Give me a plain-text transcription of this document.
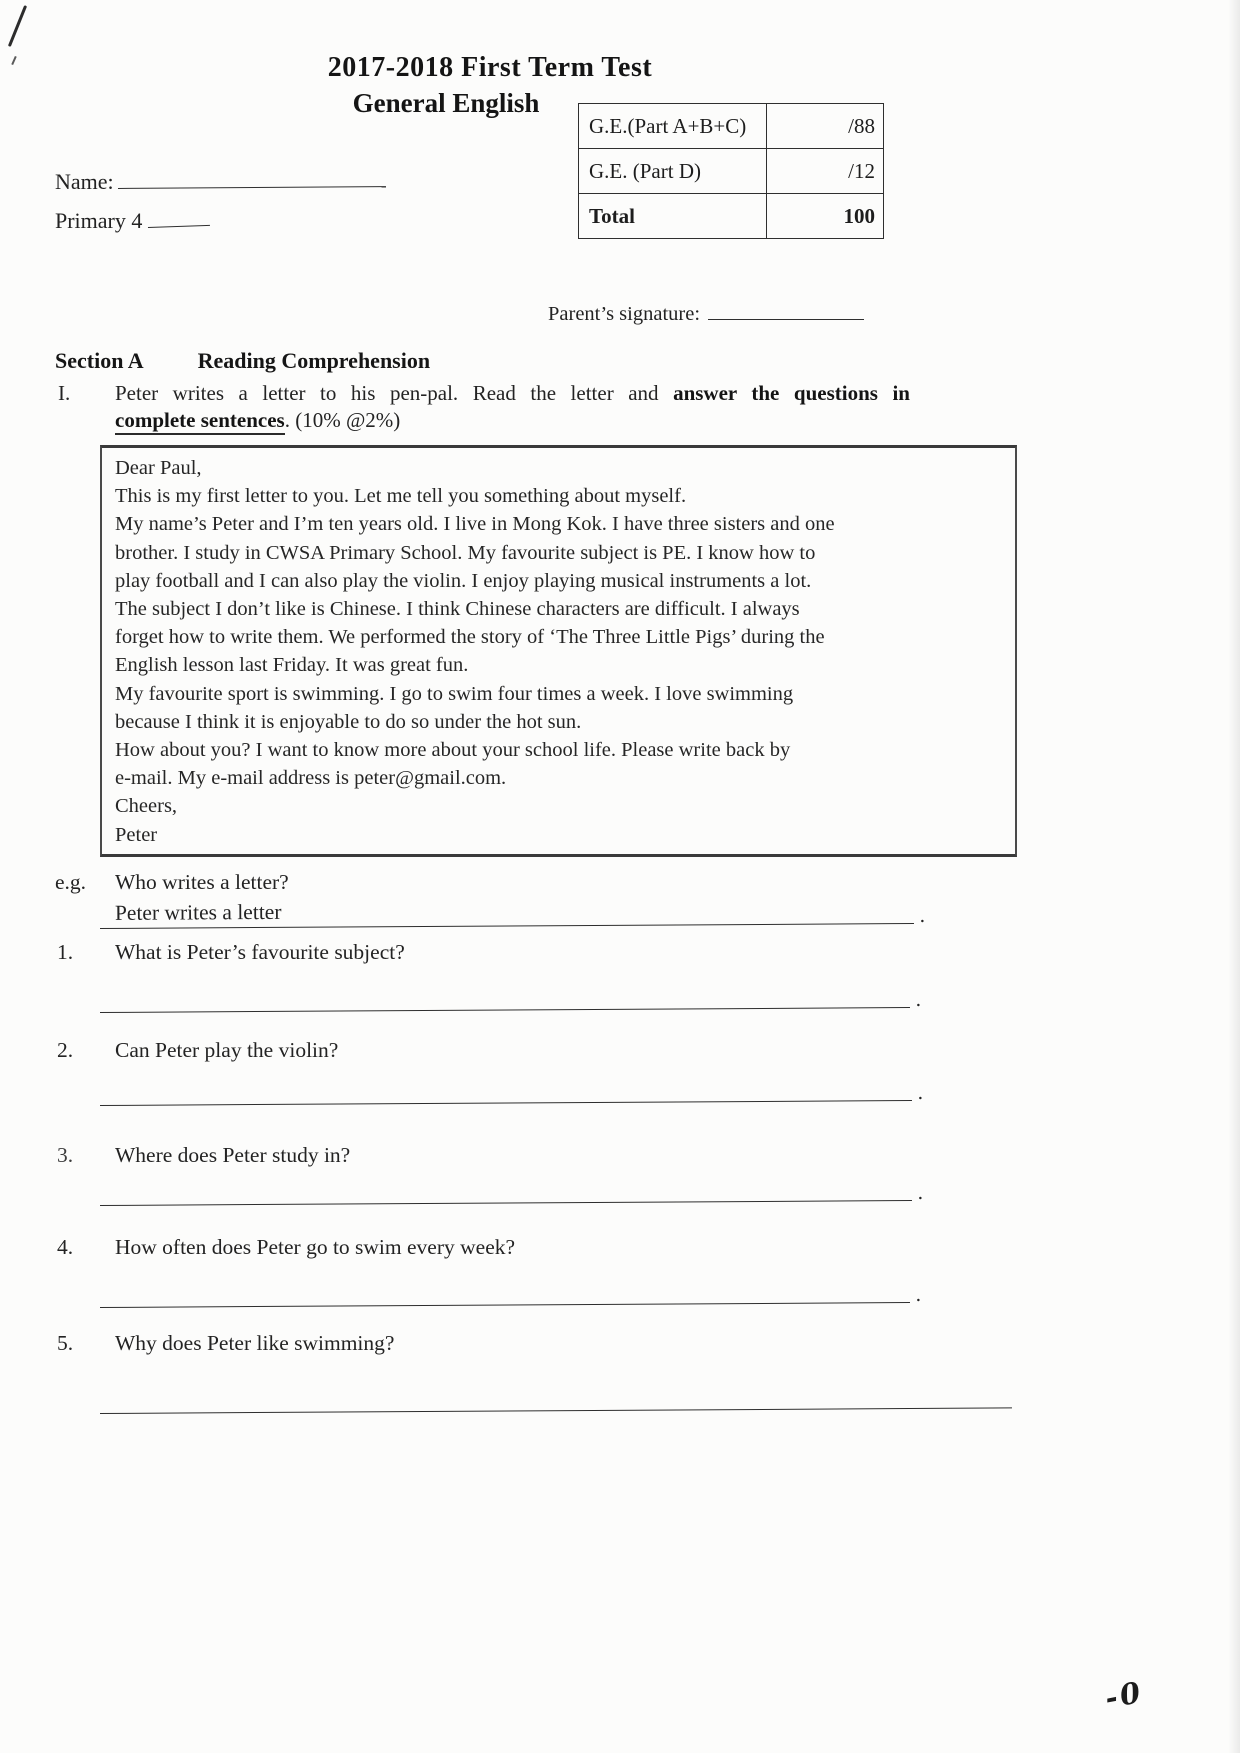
2017-2018 First Term Test
General English
G.E.(Part A+B+C)	/88
G.E. (Part D)	/12
Total	100
Name:
Primary 4
Parent’s signature:
Section A Reading Comprehension
I. Peter writes a letter to his pen-pal. Read the letter and answer the questions in
complete sentences. (10% @2%)
Dear Paul,
This is my first letter to you. Let me tell you something about myself.
My name’s Peter and I’m ten years old. I live in Mong Kok. I have three sisters and one
brother. I study in CWSA Primary School. My favourite subject is PE. I know how to
play football and I can also play the violin. I enjoy playing musical instruments a lot.
The subject I don’t like is Chinese. I think Chinese characters are difficult. I always
forget how to write them. We performed the story of ‘The Three Little Pigs’ during the
English lesson last Friday. It was great fun.
My favourite sport is swimming. I go to swim four times a week. I love swimming
because I think it is enjoyable to do so under the hot sun.
How about you? I want to know more about your school life. Please write back by
e-mail. My e-mail address is peter@gmail.com.
Cheers,
Peter
e.g. Who writes a letter?
Peter writes a letter	.
1. What is Peter’s favourite subject?
.
2. Can Peter play the violin?
.
3. Where does Peter study in?
.
4. How often does Peter go to swim every week?
.
5. Why does Peter like swimming?
-0
